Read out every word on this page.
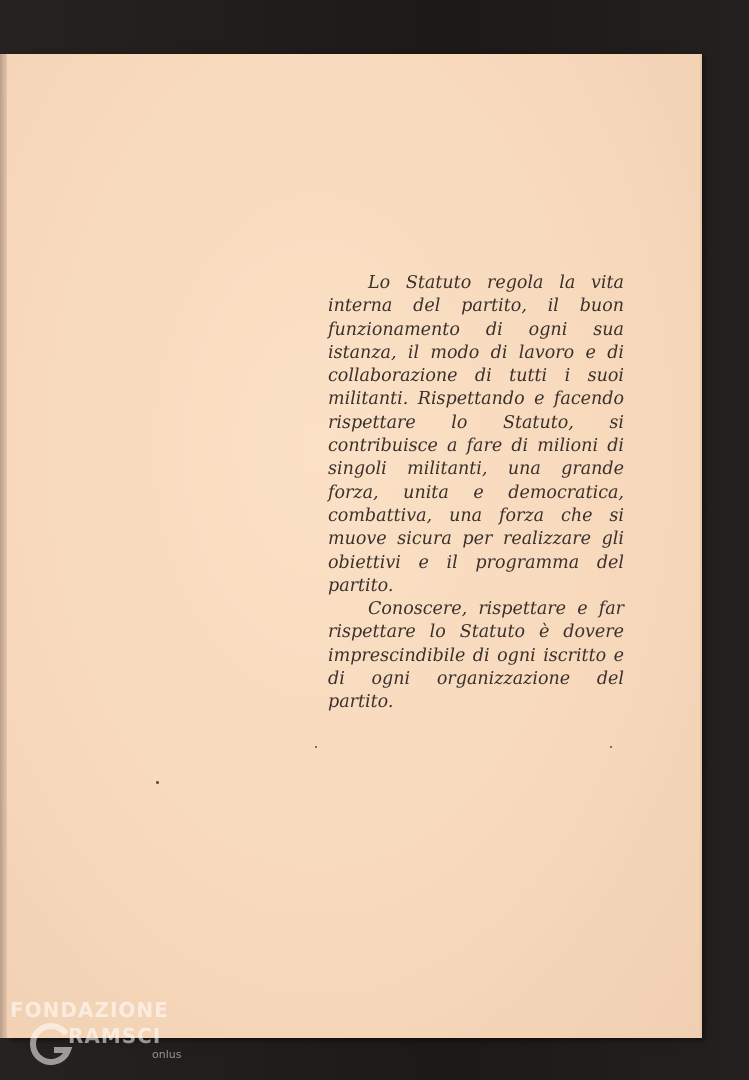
Lo Statuto regola la vita interna del partito, il buon funzionamento di ogni sua istanza, il modo di lavoro e di collaborazione di tutti i suoi militanti. Rispettando e facendo rispettare lo Statuto, si contribuisce a fare di milioni di singoli militanti, una grande forza, unita e democratica, combattiva, una forza che si muove sicura per realizzare gli obiettivi e il programma del partito.

Conoscere, rispettare e far rispettare lo Statuto è dovere imprescindibile di ogni iscritto e di ogni organizzazione del partito.

FONDAZIONE
RAMSCI
onlus
